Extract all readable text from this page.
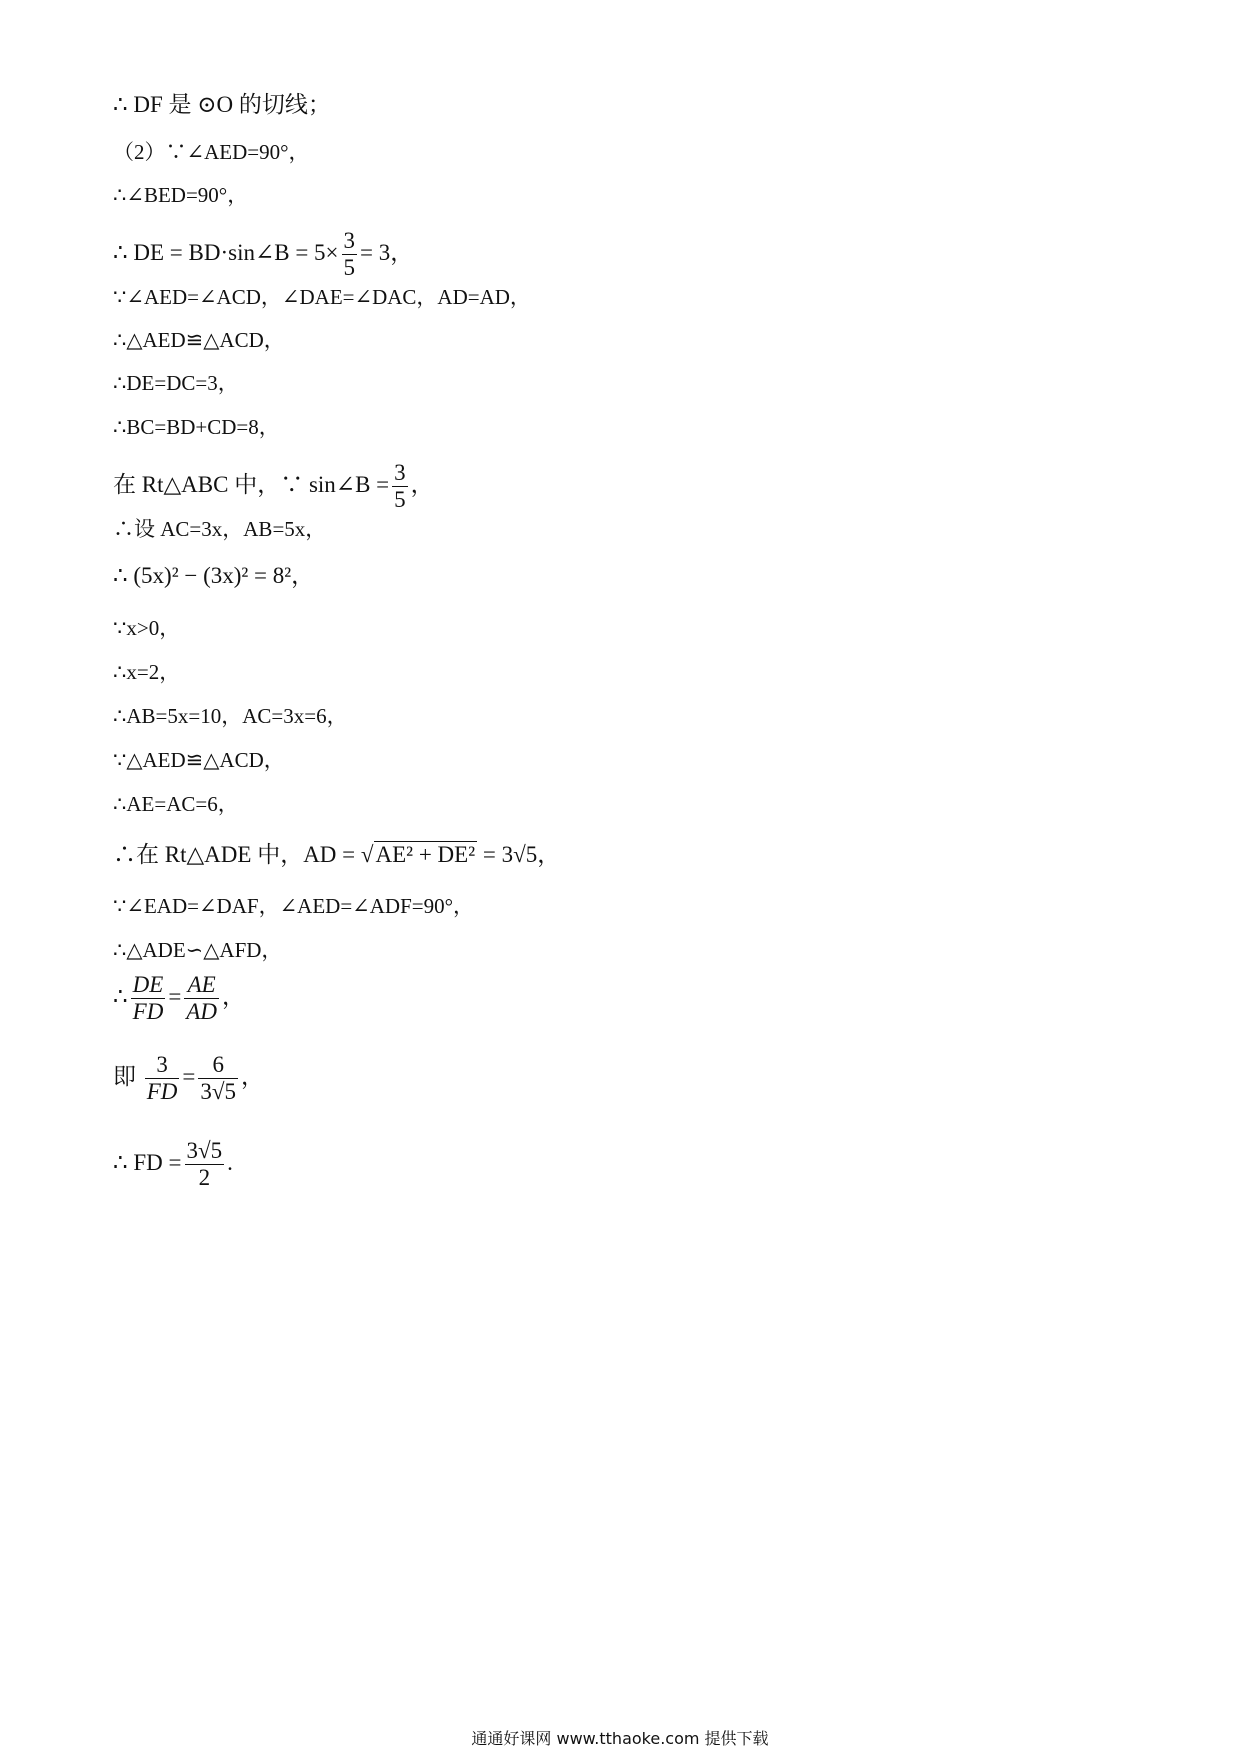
∴ DF 是 ⊙O 的切线；
（2）∵∠AED=90°，
∴∠BED=90°，
∴ DE = BD·sin∠B = $5\times \frac{3}{5} = 3$，
∵∠AED=∠ACD，∠DAE=∠DAC，AD=AD，
∴△AED≌△ACD，
∴DE=DC=3，
∴BC=BD+CD=8，
在 Rt△ABC 中，∵ sin∠B = $\frac{3}{5}$ ，
∴设 AC=3x，AB=5x，
∴ (5x)² − (3x)² = 8²，
∵x>0，
∴x=2，
∴AB=5x=10，AC=3x=6，
∵△AED≌△ACD，
∴AE=AC=6，
∴在 Rt△ADE 中，AD = √AE² + DE² = 3√5，
∵∠EAD=∠DAF，∠AED=∠ADF=90°，
∴△ADE∽△AFD，
∴ $\frac{DE}{FD} = \frac{AE}{AD}$ ，
即 $\frac{3}{FD} = \frac{6}{3√5}$ ，
∴ FD = $\frac{3√5}{2}$ .
通通好课网 www.tthaoke.com 提供下载
